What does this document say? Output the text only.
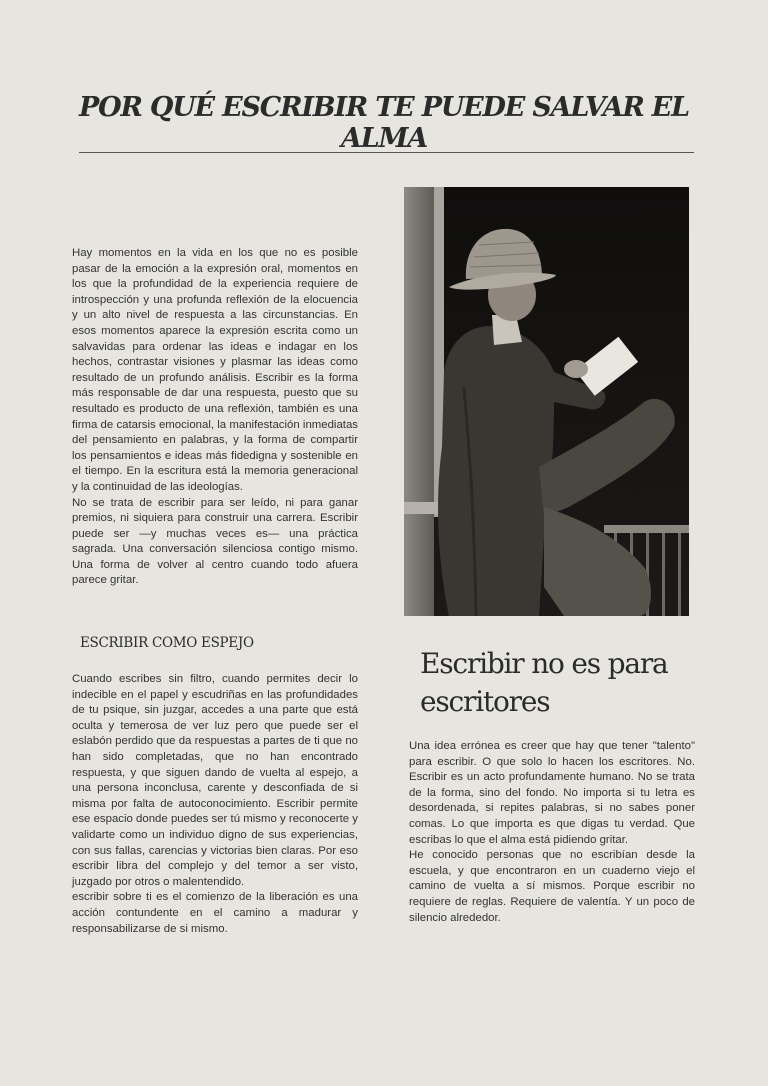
POR QUÉ ESCRIBIR TE PUEDE SALVAR EL ALMA

Hay momentos en la vida en los que no es posible pasar de la emoción a la expresión oral, momentos en los que la profundidad de la experiencia requiere de introspección y una profunda reflexión de la elocuencia y un alto nivel de respuesta a las circunstancias. En esos momentos aparece la expresión escrita como un salvavidas para ordenar las ideas e indagar en los hechos, contrastar visiones y plasmar las ideas como resultado de un profundo análisis. Escribir es la forma más responsable de dar una respuesta, puesto que su resultado es producto de una reflexión, también es una firma de catarsis emocional, la manifestación inmediatas del pensamiento en palabras, y la forma de compartir los pensamientos e ideas más fidedigna y sostenible en el tiempo. En la escritura está la memoria generacional y la continuidad de las ideologías.

No se trata de escribir para ser leído, ni para ganar premios, ni siquiera para construir una carrera. Escribir puede ser —y muchas veces es— una práctica sagrada. Una conversación silenciosa contigo mismo. Una forma de volver al centro cuando todo afuera parece gritar.

ESCRIBIR COMO ESPEJO

Cuando escribes sin filtro, cuando permites decir lo indecible en el papel y escudriñas en las profundidades de tu psique, sin juzgar, accedes a una parte que está oculta y temerosa de ver luz pero que puede ser el eslabón perdido que da respuestas a partes de ti que no han sido completadas, que no han encontrado respuesta, y que siguen dando de vuelta al espejo, a una persona inconclusa, carente y desconfiada de si misma por falta de autoconocimiento. Escribir permite ese espacio donde puedes ser tú mismo y reconocerte y validarte como un individuo digno de sus experiencias, con sus fallas, carencias y victorias bien claras. Por eso escribir libra del complejo y del temor a ser visto, juzgado por otros o malentendido.

escribir sobre ti es el comienzo de la liberación es una acción contundente en el camino a madurar y responsabilizarse de si mismo.

Escribir no es para escritores

Una idea errónea es creer que hay que tener "talento" para escribir. O que solo lo hacen los escritores. No. Escribir es un acto profundamente humano. No se trata de la forma, sino del fondo. No importa si tu letra es desordenada, si repites palabras, si no sabes poner comas. Lo que importa es que digas tu verdad. Que escribas lo que el alma está pidiendo gritar.

He conocido personas que no escribían desde la escuela, y que encontraron en un cuaderno viejo el camino de vuelta a sí mismos. Porque escribir no requiere de reglas. Requiere de valentía. Y un poco de silencio alrededor.
